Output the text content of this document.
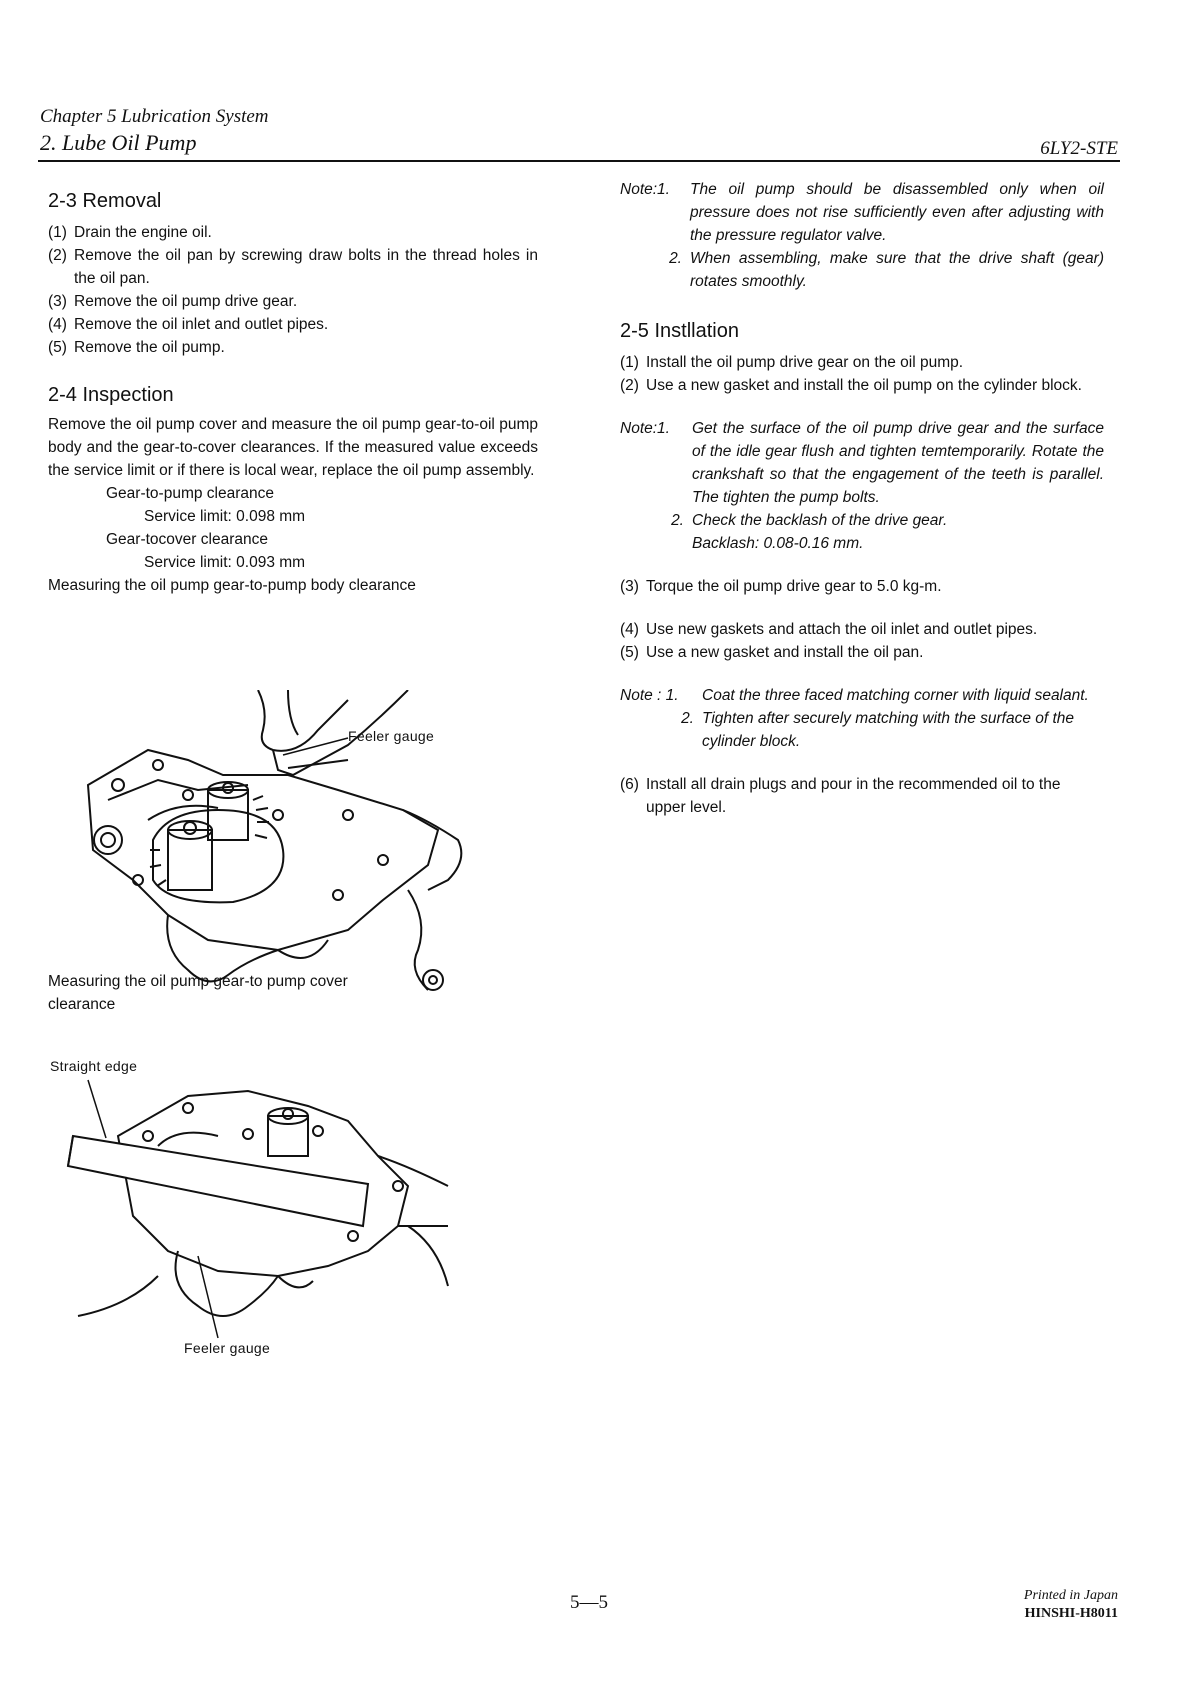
Chapter 5 Lubrication System
2. Lube Oil Pump	6LY2-STE
2-3 Removal
(1) Drain the engine oil.
(2) Remove the oil pan by screwing draw bolts in the thread holes in the oil pan.
(3) Remove the oil pump drive gear.
(4) Remove the oil inlet and outlet pipes.
(5) Remove the oil pump.
2-4 Inspection
Remove the oil pump cover and measure the oil pump gear-to-oil pump body and the gear-to-cover clearances. If the measured value exceeds the service limit or if there is local wear, replace the oil pump assembly.
Gear-to-pump clearance
Service limit: 0.098 mm
Gear-tocover clearance
Service limit: 0.093 mm
Measuring the oil pump gear-to-pump body clearance
Feeler gauge
Measuring the oil pump gear-to pump cover clearance
Straight edge
Feeler gauge
Note:1.	The oil pump should be disassembled only when oil pressure does not rise sufficiently even after adjusting with the pressure regulator valve.
2. When assembling, make sure that the drive shaft (gear) rotates smoothly.
2-5 Instllation
(1) Install the oil pump drive gear on the oil pump.
(2) Use a new gasket and install the oil pump on the cylinder block.
Note:1.	Get the surface of the oil pump drive gear and the surface of the idle gear flush and tighten temtemporarily. Rotate the crankshaft so that the engagement of the teeth is parallel. The tighten the pump bolts.
2. Check the backlash of the drive gear.
Backlash: 0.08-0.16 mm.
(3) Torque the oil pump drive gear to 5.0 kg-m.
(4) Use new gaskets and attach the oil inlet and outlet pipes.
(5) Use a new gasket and install the oil pan.
Note : 1.	Coat the three faced matching corner with liquid sealant.
2. Tighten after securely matching with the surface of the cylinder block.
(6) Install all drain plugs and pour in the recommended oil to the upper level.
5—5	Printed in Japan
HINSHI-H8011
